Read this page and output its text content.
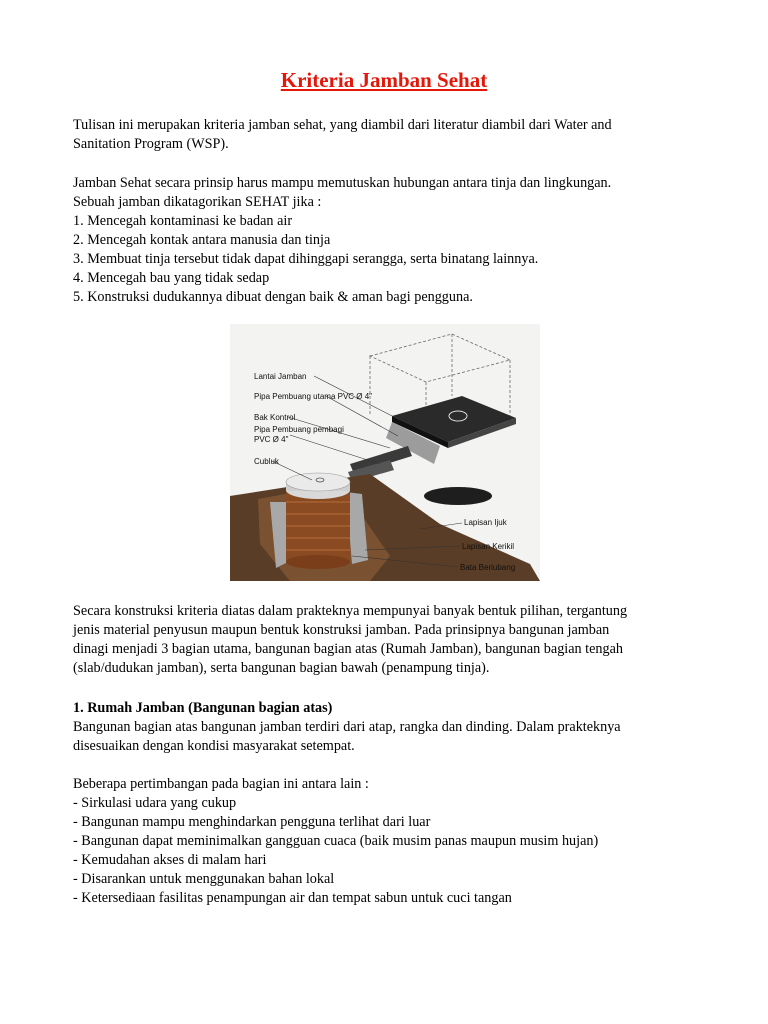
Kriteria Jamban Sehat
Tulisan ini merupakan kriteria jamban sehat, yang diambil dari literatur diambil dari Water and
Sanitation Program (WSP).
Jamban Sehat secara prinsip harus mampu memutuskan hubungan antara tinja dan lingkungan.
Sebuah jamban dikatagorikan SEHAT jika :
1. Mencegah kontaminasi ke badan air
2. Mencegah kontak antara manusia dan tinja
3. Membuat tinja tersebut tidak dapat dihinggapi serangga, serta binatang lainnya.
4. Mencegah bau yang tidak sedap
5. Konstruksi dudukannya dibuat dengan baik & aman bagi pengguna.
Lantai Jamban
Pipa Pembuang utama PVC Ø 4"
Bak Kontrol
Pipa Pembuang pembagi
PVC Ø 4"
Cubluk
Lapisan Ijuk
Lapisan Kerikil
Bata Berlubang
Secara konstruksi kriteria diatas dalam prakteknya mempunyai banyak bentuk pilihan, tergantung
jenis material penyusun maupun bentuk konstruksi jamban. Pada prinsipnya bangunan jamban
dinagi menjadi 3 bagian utama, bangunan bagian atas (Rumah Jamban), bangunan bagian tengah
(slab/dudukan jamban), serta bangunan bagian bawah (penampung tinja).
1. Rumah Jamban (Bangunan bagian atas)
Bangunan bagian atas bangunan jamban terdiri dari atap, rangka dan dinding. Dalam prakteknya
disesuaikan dengan kondisi masyarakat setempat.
Beberapa pertimbangan pada bagian ini antara lain :
- Sirkulasi udara yang cukup
- Bangunan mampu menghindarkan pengguna terlihat dari luar
- Bangunan dapat meminimalkan gangguan cuaca (baik musim panas maupun musim hujan)
- Kemudahan akses di malam hari
- Disarankan untuk menggunakan bahan lokal
- Ketersediaan fasilitas penampungan air dan tempat sabun untuk cuci tangan
